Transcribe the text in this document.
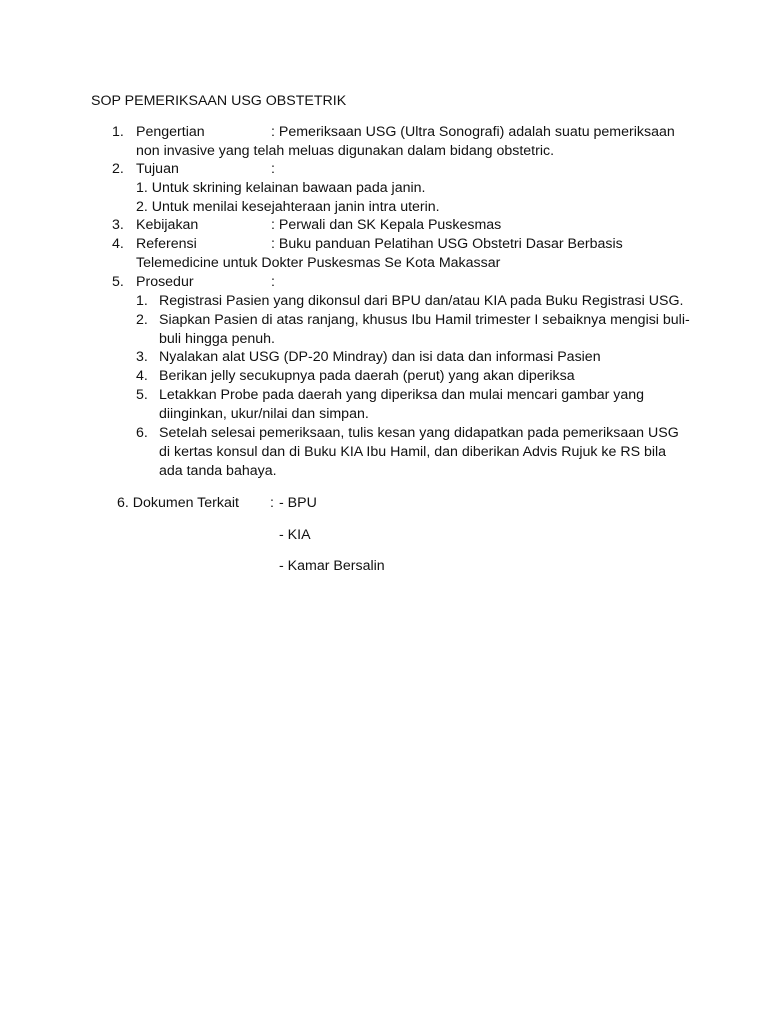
SOP PEMERIKSAAN USG OBSTETRIK
1. Pengertian	: Pemeriksaan USG (Ultra Sonografi) adalah suatu pemeriksaan
non invasive yang telah meluas digunakan dalam bidang obstetric.
2. Tujuan	:
1. Untuk skrining kelainan bawaan pada janin.
2. Untuk menilai kesejahteraan janin intra uterin.
3. Kebijakan	: Perwali dan SK Kepala Puskesmas
4. Referensi	: Buku panduan Pelatihan USG Obstetri Dasar Berbasis
Telemedicine untuk Dokter Puskesmas Se Kota Makassar
5. Prosedur	:
1. Registrasi Pasien yang dikonsul dari BPU dan/atau KIA pada Buku Registrasi USG.
2. Siapkan Pasien di atas ranjang, khusus Ibu Hamil trimester I sebaiknya mengisi buli-
buli hingga penuh.
3. Nyalakan alat USG (DP-20 Mindray) dan isi data dan informasi Pasien
4. Berikan jelly secukupnya pada daerah (perut) yang akan diperiksa
5. Letakkan Probe pada daerah yang diperiksa dan mulai mencari gambar yang
diinginkan, ukur/nilai dan simpan.
6. Setelah selesai pemeriksaan, tulis kesan yang didapatkan pada pemeriksaan USG
di kertas konsul dan di Buku KIA Ibu Hamil, dan diberikan Advis Rujuk ke RS bila
ada tanda bahaya.
6. Dokumen Terkait : - BPU
- KIA
- Kamar Bersalin
